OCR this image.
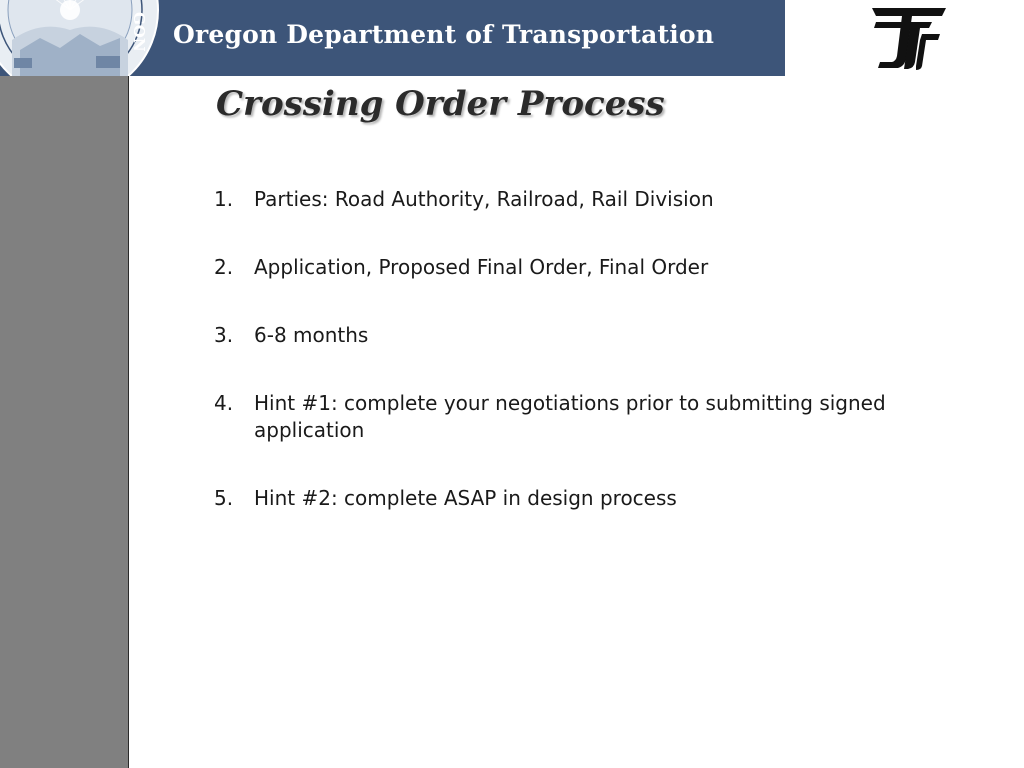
GON Oregon Department of Transportation
Crossing Order Process
1.	Parties: Road Authority, Railroad, Rail Division
2.	Application, Proposed Final Order, Final Order
3.	6-8 months
4.	Hint #1: complete your negotiations prior to submitting signed application
5.	Hint #2: complete ASAP in design process
